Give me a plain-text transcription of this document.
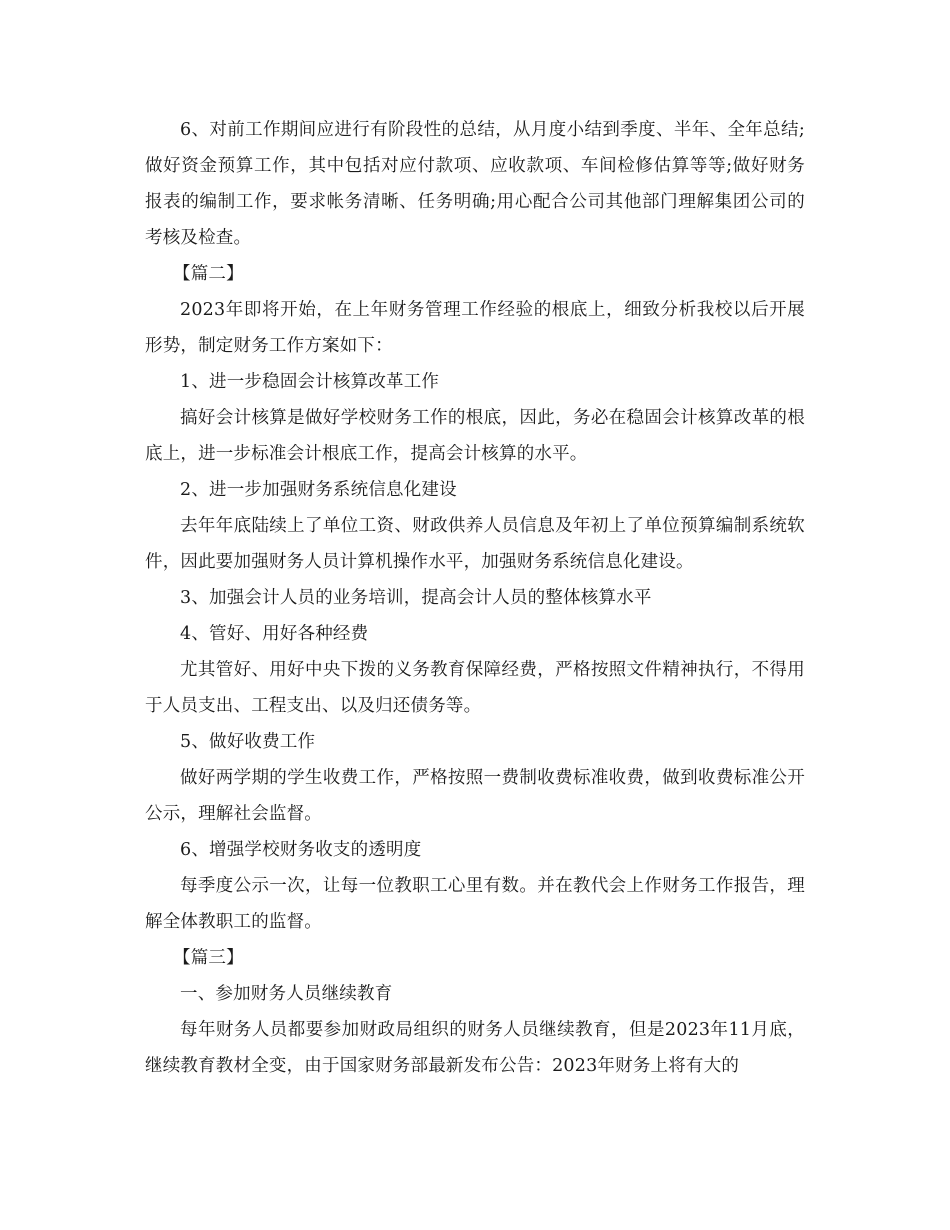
6、对前工作期间应进行有阶段性的总结，从月度小结到季度、半年、全年总结;做好资金预算工作，其中包括对应付款项、应收款项、车间检修估算等等;做好财务报表的编制工作，要求帐务清晰、任务明确;用心配合公司其他部门理解集团公司的考核及检查。

【篇二】

2023年即将开始，在上年财务管理工作经验的根底上，细致分析我校以后开展形势，制定财务工作方案如下：

1、进一步稳固会计核算改革工作

搞好会计核算是做好学校财务工作的根底，因此，务必在稳固会计核算改革的根底上，进一步标准会计根底工作，提高会计核算的水平。

2、进一步加强财务系统信息化建设

去年年底陆续上了单位工资、财政供养人员信息及年初上了单位预算编制系统软件，因此要加强财务人员计算机操作水平，加强财务系统信息化建设。

3、加强会计人员的业务培训，提高会计人员的整体核算水平

4、管好、用好各种经费

尤其管好、用好中央下拨的义务教育保障经费，严格按照文件精神执行，不得用于人员支出、工程支出、以及归还债务等。

5、做好收费工作

做好两学期的学生收费工作，严格按照一费制收费标准收费，做到收费标准公开公示，理解社会监督。

6、增强学校财务收支的透明度

每季度公示一次，让每一位教职工心里有数。并在教代会上作财务工作报告，理解全体教职工的监督。

【篇三】

一、参加财务人员继续教育

每年财务人员都要参加财政局组织的财务人员继续教育，但是2023年11月底，继续教育教材全变，由于国家财务部最新发布公告：2023年财务上将有大的
